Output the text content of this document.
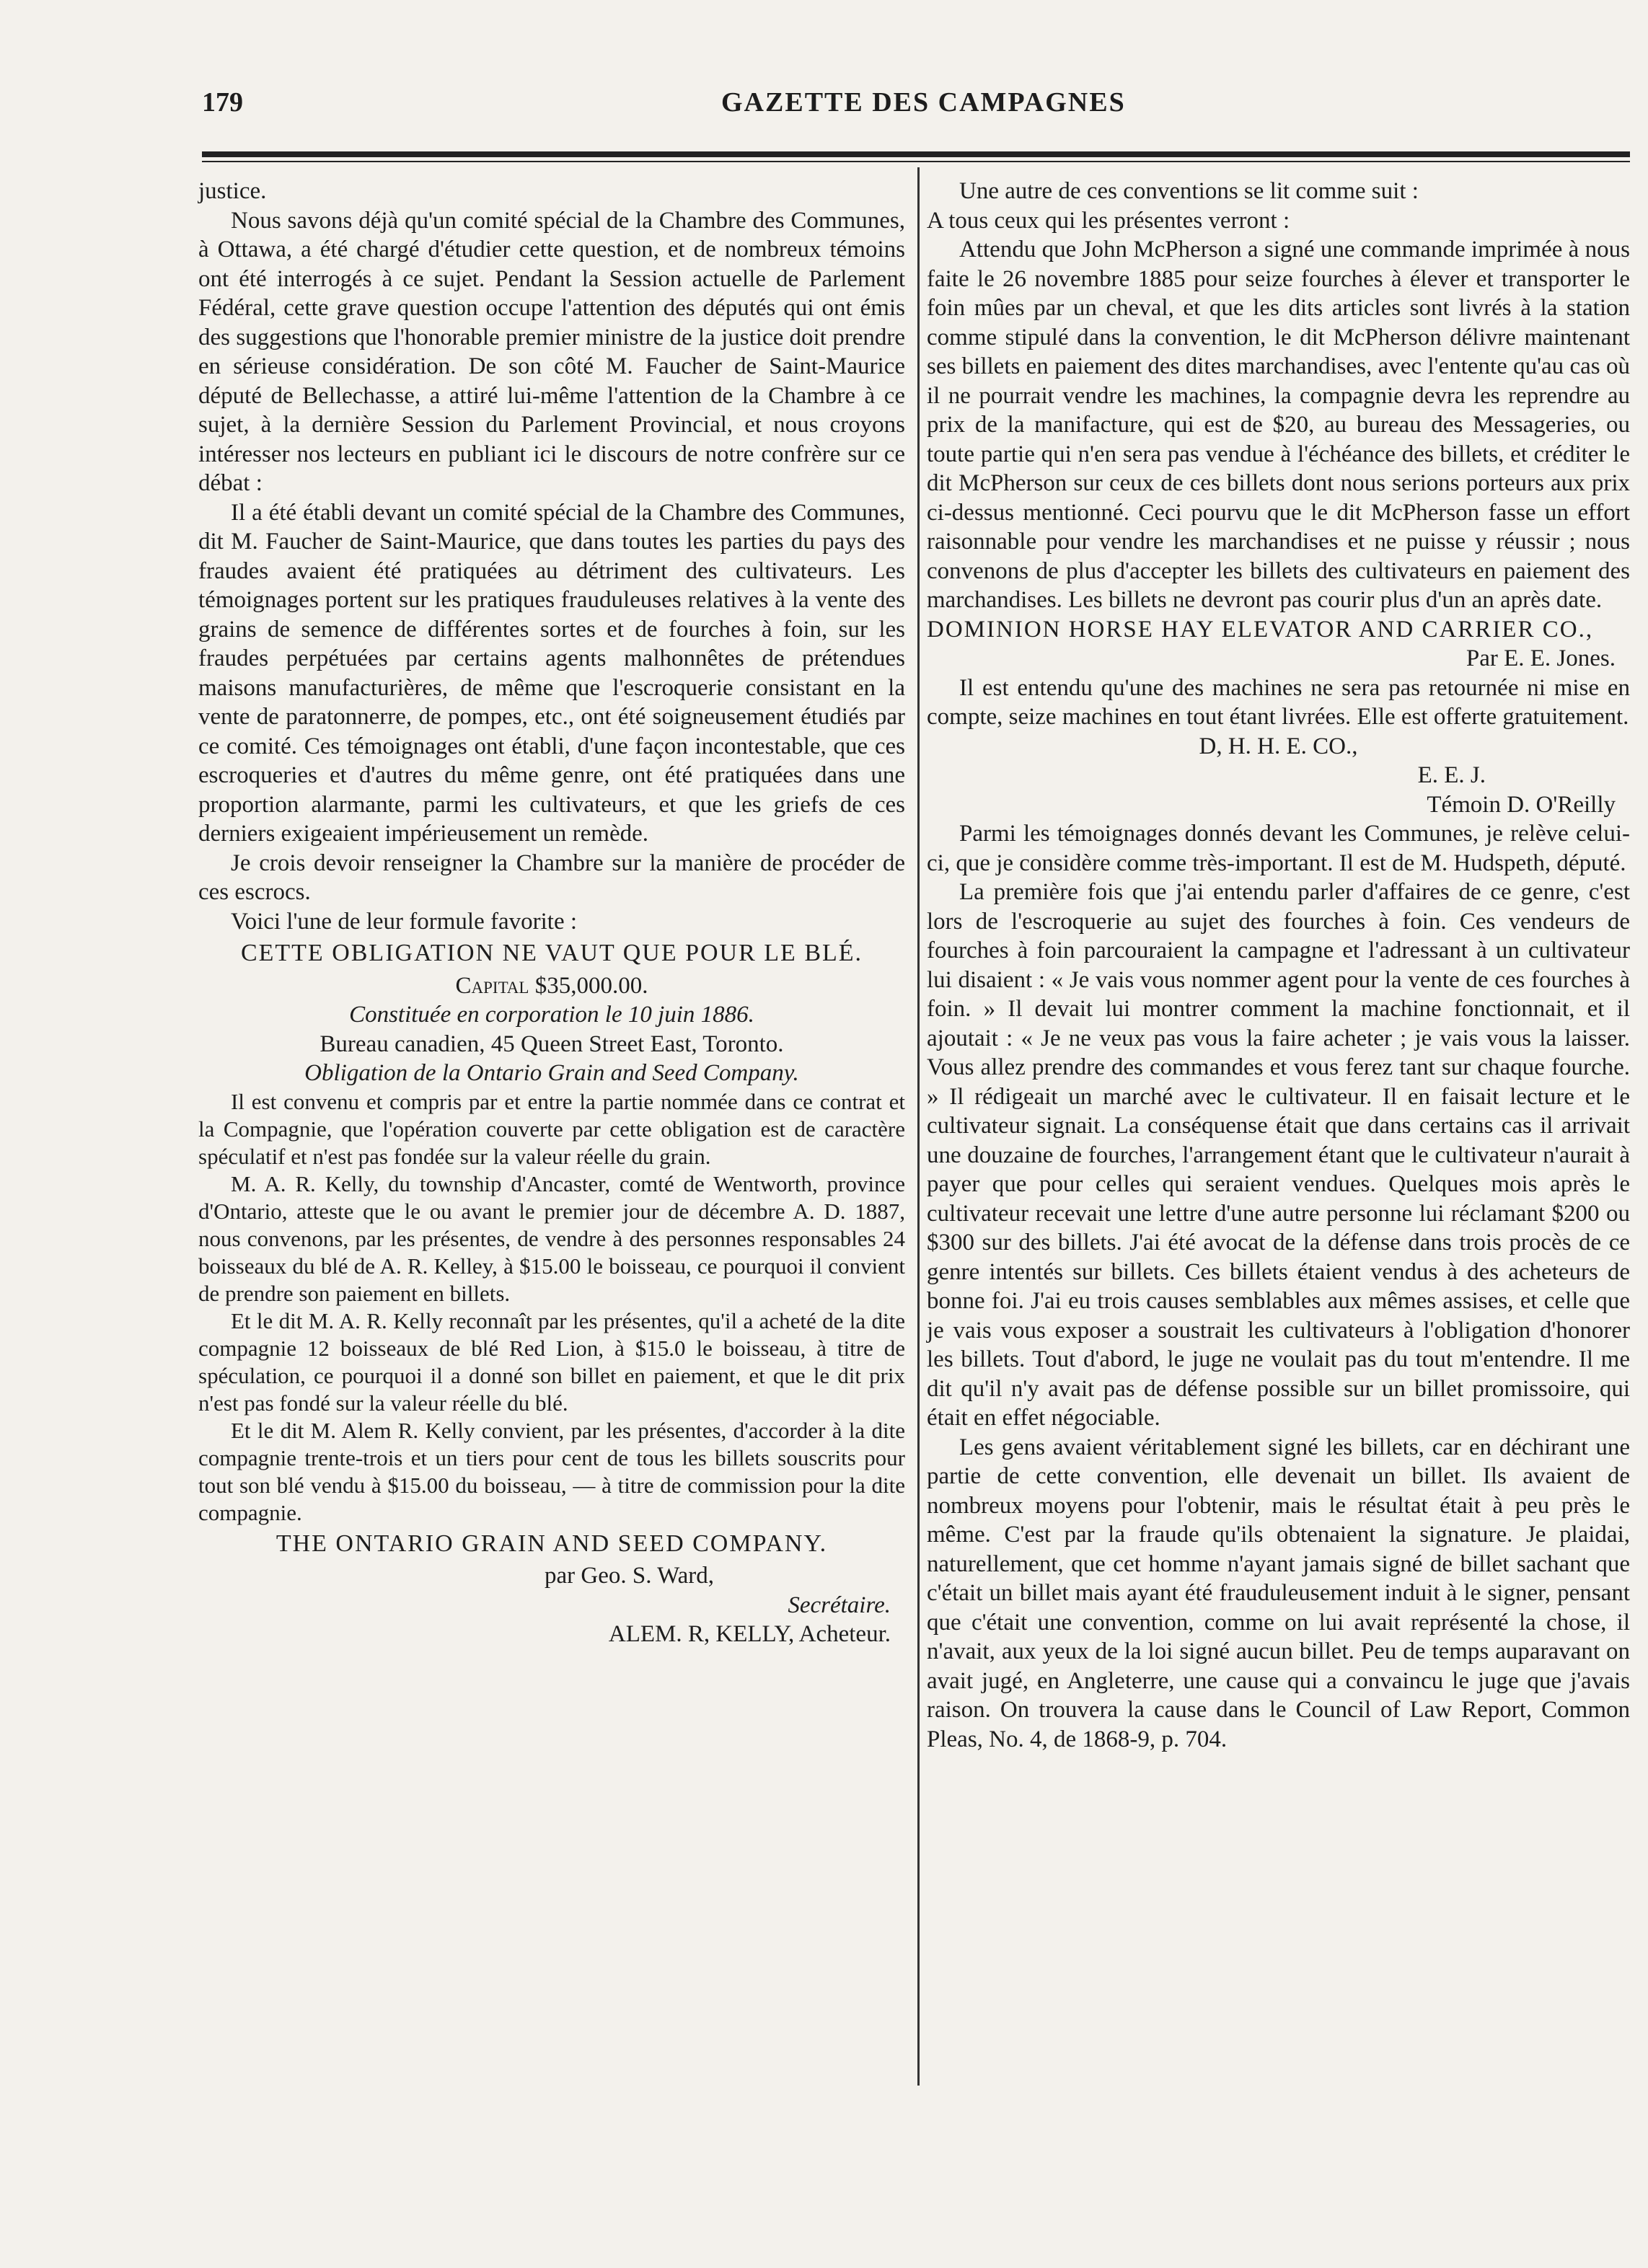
179	GAZETTE DES CAMPAGNES

justice.

Nous savons déjà qu'un comité spécial de la Chambre des Communes, à Ottawa, a été chargé d'étudier cette question, et de nombreux témoins ont été interrogés à ce sujet. Pendant la Session actuelle de Parlement Fédéral, cette grave question occupe l'attention des députés qui ont émis des suggestions que l'honorable premier ministre de la justice doit prendre en sérieuse considération. De son côté M. Faucher de Saint-Maurice député de Bellechasse, a attiré lui-même l'attention de la Chambre à ce sujet, à la dernière Session du Parlement Provincial, et nous croyons intéresser nos lecteurs en publiant ici le discours de notre confrère sur ce débat :

Il a été établi devant un comité spécial de la Chambre des Communes, dit M. Faucher de Saint-Maurice, que dans toutes les parties du pays des fraudes avaient été pratiquées au détriment des cultivateurs. Les témoignages portent sur les pratiques frauduleuses relatives à la vente des grains de semence de différentes sortes et de fourches à foin, sur les fraudes perpétuées par certains agents malhonnêtes de prétendues maisons manufacturières, de même que l'escroquerie consistant en la vente de paratonnerre, de pompes, etc., ont été soigneusement étudiés par ce comité. Ces témoignages ont établi, d'une façon incontestable, que ces escroqueries et d'autres du même genre, ont été pratiquées dans une proportion alarmante, parmi les cultivateurs, et que les griefs de ces derniers exigeaient impérieusement un remède.

Je crois devoir renseigner la Chambre sur la manière de procéder de ces escrocs.

Voici l'une de leur formule favorite :

CETTE OBLIGATION NE VAUT QUE POUR LE BLÉ.

Capital $35,000.00.

Constituée en corporation le 10 juin 1886.

Bureau canadien, 45 Queen Street East, Toronto.

Obligation de la Ontario Grain and Seed Company.

Il est convenu et compris par et entre la partie nommée dans ce contrat et la Compagnie, que l'opération couverte par cette obligation est de caractère spéculatif et n'est pas fondée sur la valeur réelle du grain.

M. A. R. Kelly, du township d'Ancaster, comté de Wentworth, province d'Ontario, atteste que le ou avant le premier jour de décembre A. D. 1887, nous convenons, par les présentes, de vendre à des personnes responsables 24 boisseaux du blé de A. R. Kelley, à $15.00 le boisseau, ce pourquoi il convient de prendre son paiement en billets.

Et le dit M. A. R. Kelly reconnaît par les présentes, qu'il a acheté de la dite compagnie 12 boisseaux de blé Red Lion, à $15.0 le boisseau, à titre de spéculation, ce pourquoi il a donné son billet en paiement, et que le dit prix n'est pas fondé sur la valeur réelle du blé.

Et le dit M. Alem R. Kelly convient, par les présentes, d'accorder à la dite compagnie trente-trois et un tiers pour cent de tous les billets souscrits pour tout son blé vendu à $15.00 du boisseau, — à titre de commission pour la dite compagnie.

THE ONTARIO GRAIN AND SEED COMPANY.

par Geo. S. Ward,

Secrétaire.

ALEM. R, KELLY, Acheteur.

Une autre de ces conventions se lit comme suit :

A tous ceux qui les présentes verront :

Attendu que John McPherson a signé une commande imprimée à nous faite le 26 novembre 1885 pour seize fourches à élever et transporter le foin mûes par un cheval, et que les dits articles sont livrés à la station comme stipulé dans la convention, le dit McPherson délivre maintenant ses billets en paiement des dites marchandises, avec l'entente qu'au cas où il ne pourrait vendre les machines, la compagnie devra les reprendre au prix de la manifacture, qui est de $20, au bureau des Messageries, ou toute partie qui n'en sera pas vendue à l'échéance des billets, et créditer le dit McPherson sur ceux de ces billets dont nous serions porteurs aux prix ci-dessus mentionné. Ceci pourvu que le dit McPherson fasse un effort raisonnable pour vendre les marchandises et ne puisse y réussir ; nous convenons de plus d'accepter les billets des cultivateurs en paiement des marchandises. Les billets ne devront pas courir plus d'un an après date.

DOMINION HORSE HAY ELEVATOR AND CARRIER CO.,

Par E. E. Jones.

Il est entendu qu'une des machines ne sera pas retournée ni mise en compte, seize machines en tout étant livrées. Elle est offerte gratuitement.

D, H. H. E. CO.,

E. E. J.

Témoin D. O'Reilly

Parmi les témoignages donnés devant les Communes, je relève celui-ci, que je considère comme très-important. Il est de M. Hudspeth, député.

La première fois que j'ai entendu parler d'affaires de ce genre, c'est lors de l'escroquerie au sujet des fourches à foin. Ces vendeurs de fourches à foin parcouraient la campagne et l'adressant à un cultivateur lui disaient : « Je vais vous nommer agent pour la vente de ces fourches à foin. » Il devait lui montrer comment la machine fonctionnait, et il ajoutait : « Je ne veux pas vous la faire acheter ; je vais vous la laisser. Vous allez prendre des commandes et vous ferez tant sur chaque fourche. » Il rédigeait un marché avec le cultivateur. Il en faisait lecture et le cultivateur signait. La conséquense était que dans certains cas il arrivait une douzaine de fourches, l'arrangement étant que le cultivateur n'aurait à payer que pour celles qui seraient vendues. Quelques mois après le cultivateur recevait une lettre d'une autre personne lui réclamant $200 ou $300 sur des billets. J'ai été avocat de la défense dans trois procès de ce genre intentés sur billets. Ces billets étaient vendus à des acheteurs de bonne foi. J'ai eu trois causes semblables aux mêmes assises, et celle que je vais vous exposer a soustrait les cultivateurs à l'obligation d'honorer les billets. Tout d'abord, le juge ne voulait pas du tout m'entendre. Il me dit qu'il n'y avait pas de défense possible sur un billet promissoire, qui était en effet négociable.

Les gens avaient véritablement signé les billets, car en déchirant une partie de cette convention, elle devenait un billet. Ils avaient de nombreux moyens pour l'obtenir, mais le résultat était à peu près le même. C'est par la fraude qu'ils obtenaient la signature. Je plaidai, naturellement, que cet homme n'ayant jamais signé de billet sachant que c'était un billet mais ayant été frauduleusement induit à le signer, pensant que c'était une convention, comme on lui avait représenté la chose, il n'avait, aux yeux de la loi signé aucun billet. Peu de temps auparavant on avait jugé, en Angleterre, une cause qui a convaincu le juge que j'avais raison. On trouvera la cause dans le Council of Law Report, Common Pleas, No. 4, de 1868-9, p. 704.
